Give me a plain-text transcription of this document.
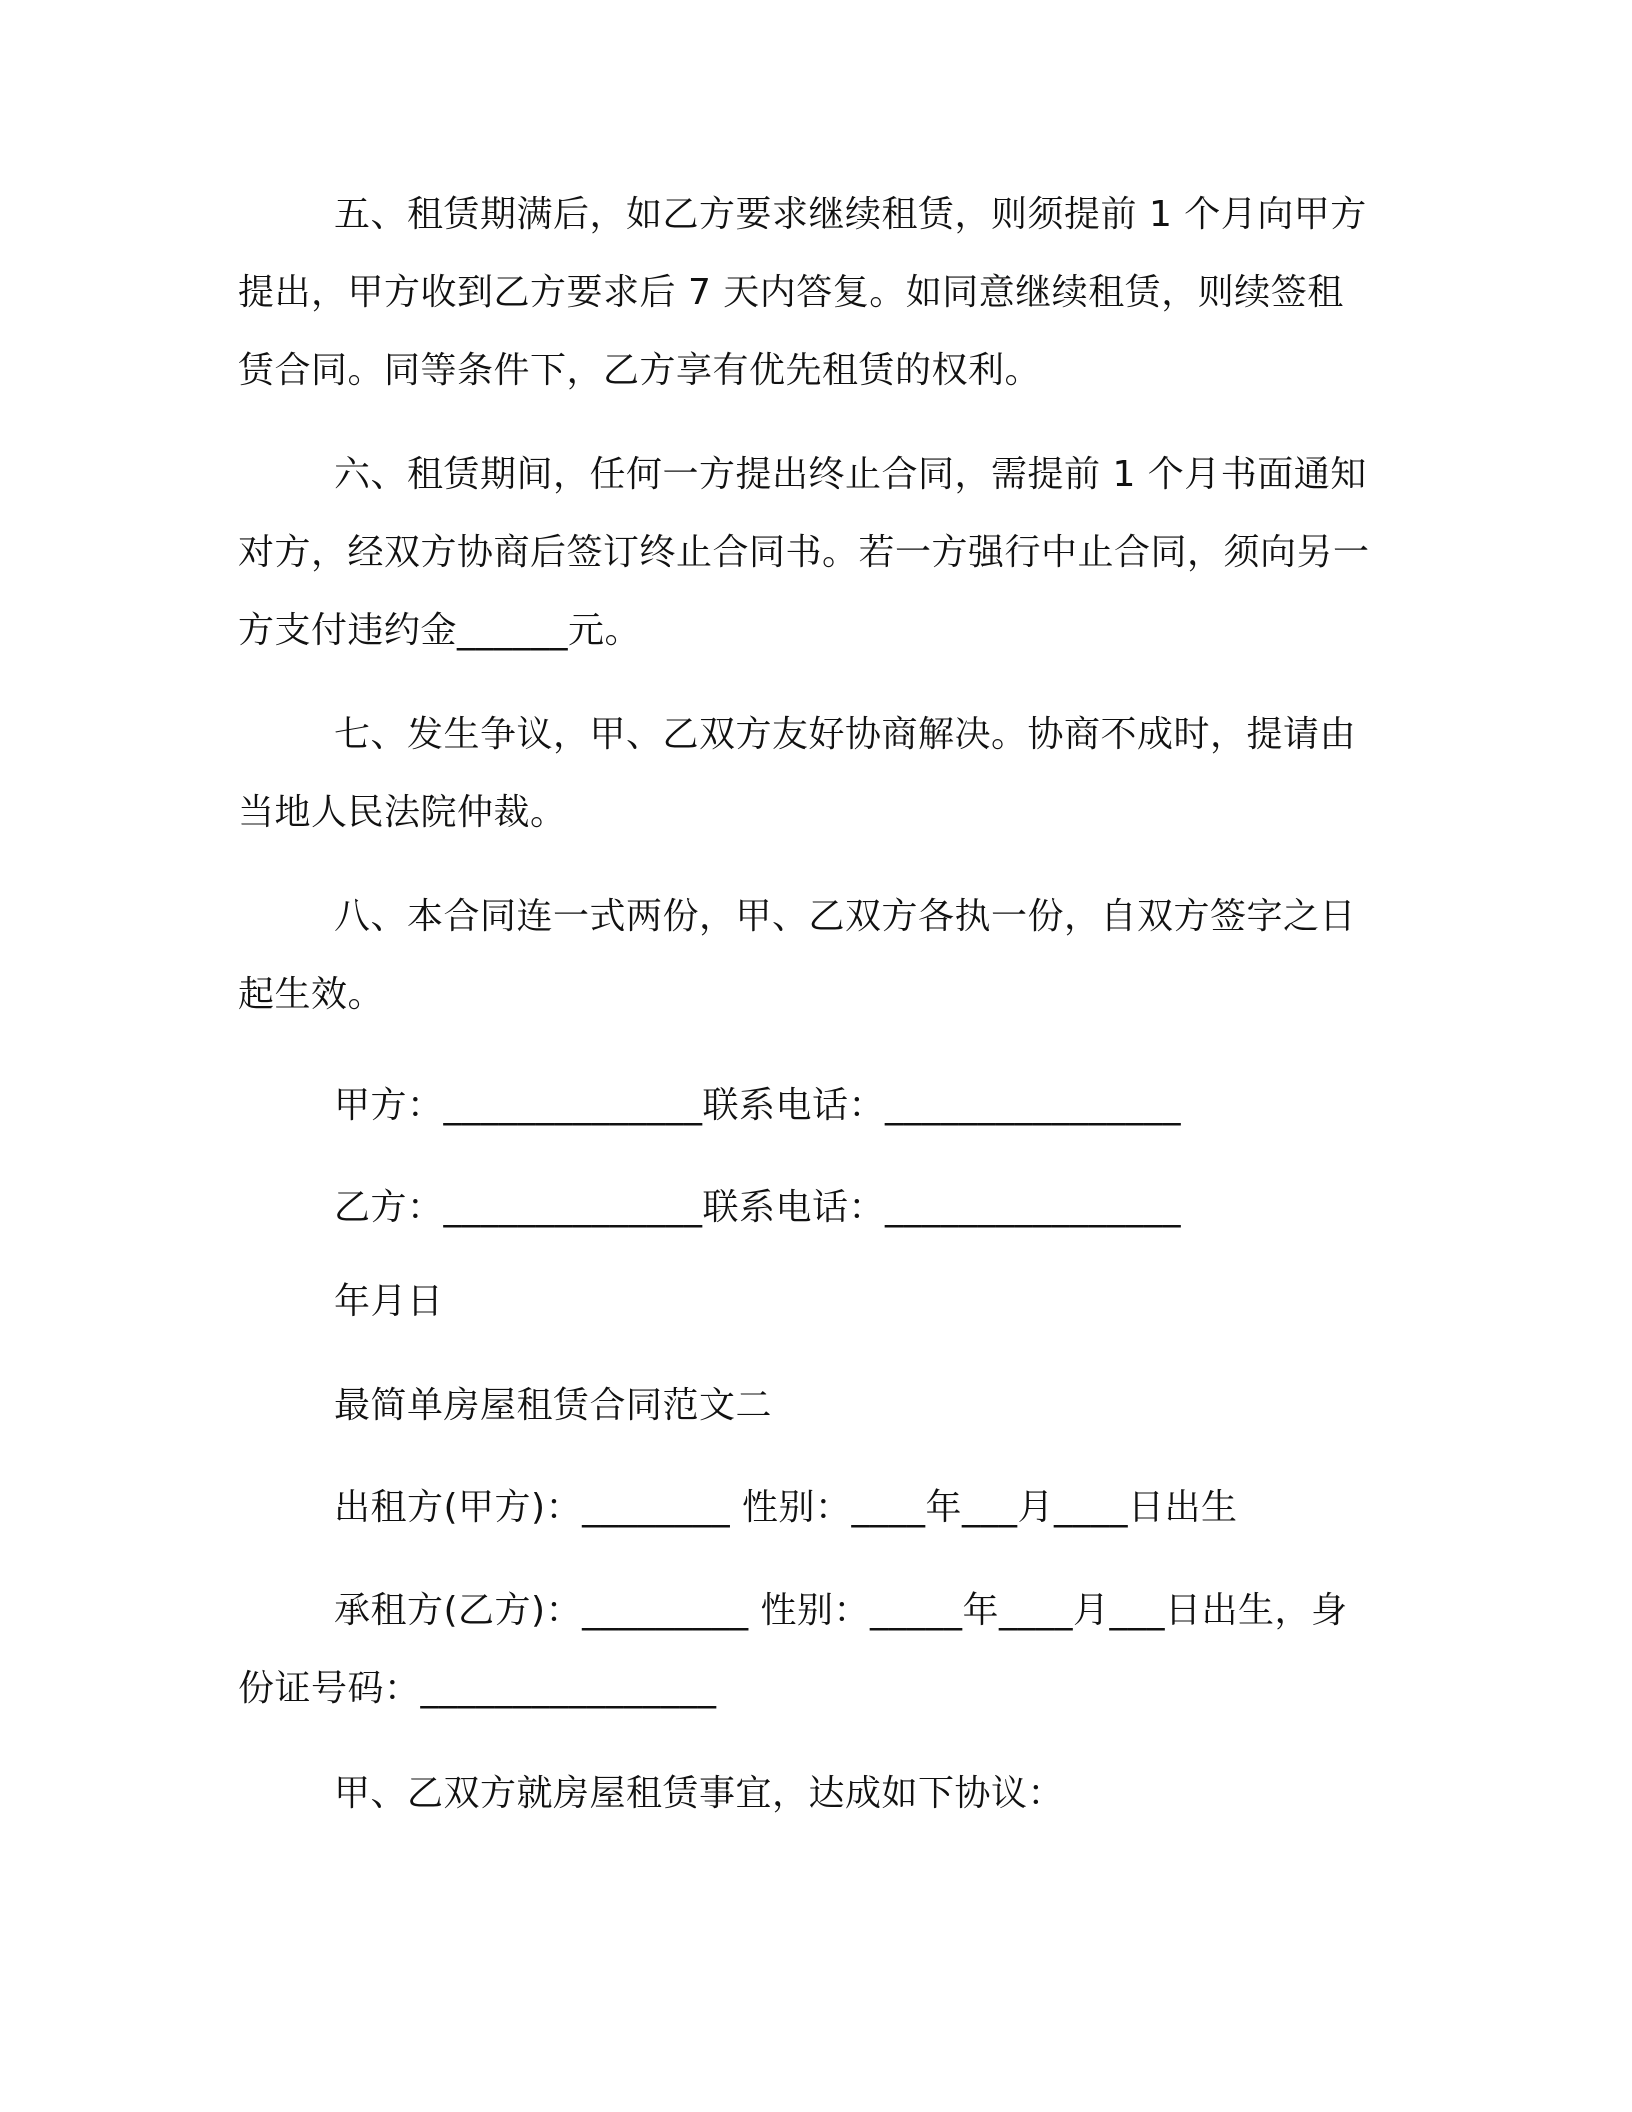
五、租赁期满后，如乙方要求继续租赁，则须提前 1 个月向甲方提出，甲方收到乙方要求后 7 天内答复。如同意继续租赁，则续签租赁合同。同等条件下，乙方享有优先租赁的权利。

六、租赁期间，任何一方提出终止合同，需提前 1 个月书面通知对方，经双方协商后签订终止合同书。若一方强行中止合同，须向另一方支付违约金______元。

七、发生争议，甲、乙双方友好协商解决。协商不成时，提请由当地人民法院仲裁。

八、本合同连一式两份，甲、乙双方各执一份，自双方签字之日起生效。

甲方：______________联系电话：________________
乙方：______________联系电话：________________
年月日
最简单房屋租赁合同范文二
出租方(甲方)：________ 性别：____年___月____日出生

承租方(乙方)：_________ 性别：_____年____月___日出生，身份证号码：________________

甲、乙双方就房屋租赁事宜，达成如下协议：
